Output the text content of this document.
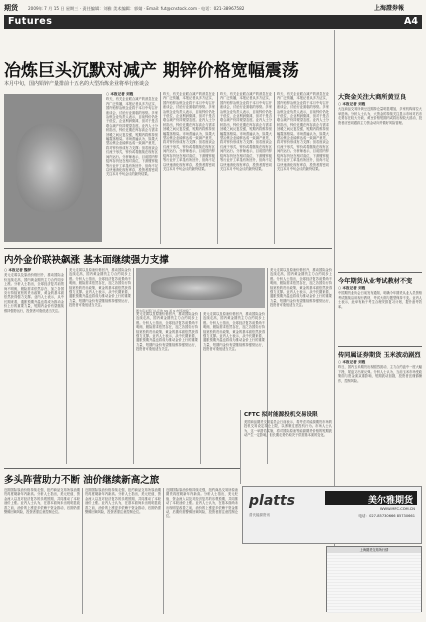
期货 2009年 7 月 15 日 星期三 · 责任编辑：刘雅 美术编辑：郭婧 · Email: fut@cnstock.com · 电话：021-38967582	上海證券報
Futures	A4
冶炼巨头沉默对减产 期锌价格宽幅震荡
本月中旬，国内铅锌产量排前十五名的大型冶炼企业将举行座谈会
○ 本报记者 刘雅
昨天，有关企业联合减产的消息在业内广泛传播，本报记者从多方证实，国内铅锌冶炼企业将于本月中旬召开座谈会，讨论行业面临的形势。多家冶炼企业负责人表示，目前锌价仍处于低位，企业利润微薄，但对于是否联合减产仍持观望态度。业内人士分析指出，锌价近期在库存高企与需求回暖之间反复拉锯，短期内将维持宽幅震荡格局。市场普遍认为，如果大型冶炼企业能够达成一致减产意见，将对锌价形成有力支撑；但若座谈会仅流于形式，锌价或将继续在现有区间内运行。分析师表示，目前国内锌锭库存仍处在相对高位，下游镀锌板等行业开工率虽有所回升，但尚不足以快速消化现有库存，投资者需密切关注本月中旬会议的最终结果。
昨天，有关企业联合减产的消息在业内广泛传播，本报记者从多方证实，国内铅锌冶炼企业将于本月中旬召开座谈会，讨论行业面临的形势。多家冶炼企业负责人表示，目前锌价仍处于低位，企业利润微薄，但对于是否联合减产仍持观望态度。业内人士分析指出，锌价近期在库存高企与需求回暖之间反复拉锯，短期内将维持宽幅震荡格局。市场普遍认为，如果大型冶炼企业能够达成一致减产意见，将对锌价形成有力支撑；但若座谈会仅流于形式，锌价或将继续在现有区间内运行。分析师表示，目前国内锌锭库存仍处在相对高位，下游镀锌板等行业开工率虽有所回升，但尚不足以快速消化现有库存，投资者需密切关注本月中旬会议的最终结果。
昨天，有关企业联合减产的消息在业内广泛传播，本报记者从多方证实，国内铅锌冶炼企业将于本月中旬召开座谈会，讨论行业面临的形势。多家冶炼企业负责人表示，目前锌价仍处于低位，企业利润微薄，但对于是否联合减产仍持观望态度。业内人士分析指出，锌价近期在库存高企与需求回暖之间反复拉锯，短期内将维持宽幅震荡格局。市场普遍认为，如果大型冶炼企业能够达成一致减产意见，将对锌价形成有力支撑；但若座谈会仅流于形式，锌价或将继续在现有区间内运行。分析师表示，目前国内锌锭库存仍处在相对高位，下游镀锌板等行业开工率虽有所回升，但尚不足以快速消化现有库存，投资者需密切关注本月中旬会议的最终结果。
昨天，有关企业联合减产的消息在业内广泛传播，本报记者从多方证实，国内铅锌冶炼企业将于本月中旬召开座谈会，讨论行业面临的形势。多家冶炼企业负责人表示，目前锌价仍处于低位，企业利润微薄，但对于是否联合减产仍持观望态度。业内人士分析指出，锌价近期在库存高企与需求回暖之间反复拉锯，短期内将维持宽幅震荡格局。市场普遍认为，如果大型冶炼企业能够达成一致减产意见，将对锌价形成有力支撑；但若座谈会仅流于形式，锌价或将继续在现有区间内运行。分析师表示，目前国内锌锭库存仍处在相对高位，下游镀锌板等行业开工率虽有所回升，但尚不足以快速消化现有库存，投资者需密切关注本月中旬会议的最终结果。
大资金关注大商所黄豆良
○ 本报记者 刘雅
大连商品交易所黄豆近期持仓量明显增加，多家机构席位大举进场。分析人士认为，大资金的持续关注显示市场对后市走势存在较大分歧，黄豆价格短期内或将出现较大波动，投资者应密切跟踪主力资金动向并做好风险管理。
今年期货从业考试教材不变
○ 本报记者 刘雅
中国期货业协会日前发布通知，明确今年期货从业人员资格考试继续沿用现行教材，考试大纲与题型保持不变。业内人士表示，此举有助于考生合理安排复习计划，提升备考效率。
传同属证券期货 玉米波动剧烈
○ 本报记者 刘雅
昨日，国内玉米期货出现剧烈波动，主力合约盘中一度大幅下挫，尾盘又出现反弹。分析人士认为，当前玉米市场受政策面与资金面双重影响，短期波动加剧，投资者宜谨慎操作，控制风险。
内外金价联袂飙涨 基本面继续强力支撑
○ 本报记者 魏梦
美元走弱以及原油价格回升，推动国际金价连续走高，国内黄金期货主力合约同步上涨。分析人士指出，全球经济复苏前景尚不明朗，避险需求依然存在，加之各国央行持续宽松的货币政策，黄金的基本面依然获得强力支撑。业内人士表示，从中长期来看，通胀预期升温也将成为推动金价上行的重要力量，短期内金价有望继续维持强势运行，投资者可逢低适当关注。
美元走弱以及原油价格回升，推动国际金价连续走高，国内黄金期货主力合约同步上涨。分析人士指出，全球经济复苏前景尚不明朗，避险需求依然存在，加之各国央行持续宽松的货币政策，黄金的基本面依然获得强力支撑。业内人士表示，从中长期来看，通胀预期升温也将成为推动金价上行的重要力量，短期内金价有望继续维持强势运行，投资者可逢低适当关注。
美元走弱以及原油价格回升，推动国际金价连续走高，国内黄金期货主力合约同步上涨。分析人士指出，全球经济复苏前景尚不明朗，避险需求依然存在，加之各国央行持续宽松的货币政策，黄金的基本面依然获得强力支撑。业内人士表示，从中长期来看，通胀预期升温也将成为推动金价上行的重要力量，短期内金价有望继续维持强势运行，投资者可逢低适当关注。
美元走弱以及原油价格回升，推动国际金价连续走高，国内黄金期货主力合约同步上涨。分析人士指出，全球经济复苏前景尚不明朗，避险需求依然存在，加之各国央行持续宽松的货币政策，黄金的基本面依然获得强力支撑。业内人士表示，从中长期来看，通胀预期升温也将成为推动金价上行的重要力量，短期内金价有望继续维持强势运行，投资者可逢低适当关注。
美元走弱以及原油价格回升，推动国际金价连续走高，国内黄金期货主力合约同步上涨。分析人士指出，全球经济复苏前景尚不明朗，避险需求依然存在，加之各国央行持续宽松的货币政策，黄金的基本面依然获得强力支撑。业内人士表示，从中长期来看，通胀预期升温也将成为推动金价上行的重要力量，短期内金价有望继续维持强势运行，投资者可逢低适当关注。
图为有关部门认定的 XX 省 X 市锌冶炼厂
多头阵营助力不断 油价继续新高之旅
近期国际原油价格持续走强，纽约商品交易所原油期货再度刷新年内新高。分析人士指出，美元贬值、资金流入以及对经济复苏的乐观预期，共同推动了本轮油价上涨。业内人士认为，在基本面尚未出现明显改善之前，油价的上涨更多依赖于资金推动，后期仍需警惕回调风险，投资者需注意控制仓位。
近期国际原油价格持续走强，纽约商品交易所原油期货再度刷新年内新高。分析人士指出，美元贬值、资金流入以及对经济复苏的乐观预期，共同推动了本轮油价上涨。业内人士认为，在基本面尚未出现明显改善之前，油价的上涨更多依赖于资金推动，后期仍需警惕回调风险，投资者需注意控制仓位。
近期国际原油价格持续走强，纽约商品交易所原油期货再度刷新年内新高。分析人士指出，美元贬值、资金流入以及对经济复苏的乐观预期，共同推动了本轮油价上涨。业内人士认为，在基本面尚未出现明显改善之前，油价的上涨更多依赖于资金推动，后期仍需警惕回调风险，投资者需注意控制仓位。
CFTC 拟对能源投机交易设限
美国商品期货交易委员会日前表示，将考虑对能源期货市场的投机交易设定持仓上限，以遏制过度投机行为。市场人士认为，这一举措若实施，将对国际原油等能源期货价格的短期波动产生一定影响，但长期走势仍取决于供需基本面的变化。
platts
普氏能源资讯
美尔雅期货
WWW.MFC.COM.CN
电话：027-85730666 85730661
上海期货交易所行情
